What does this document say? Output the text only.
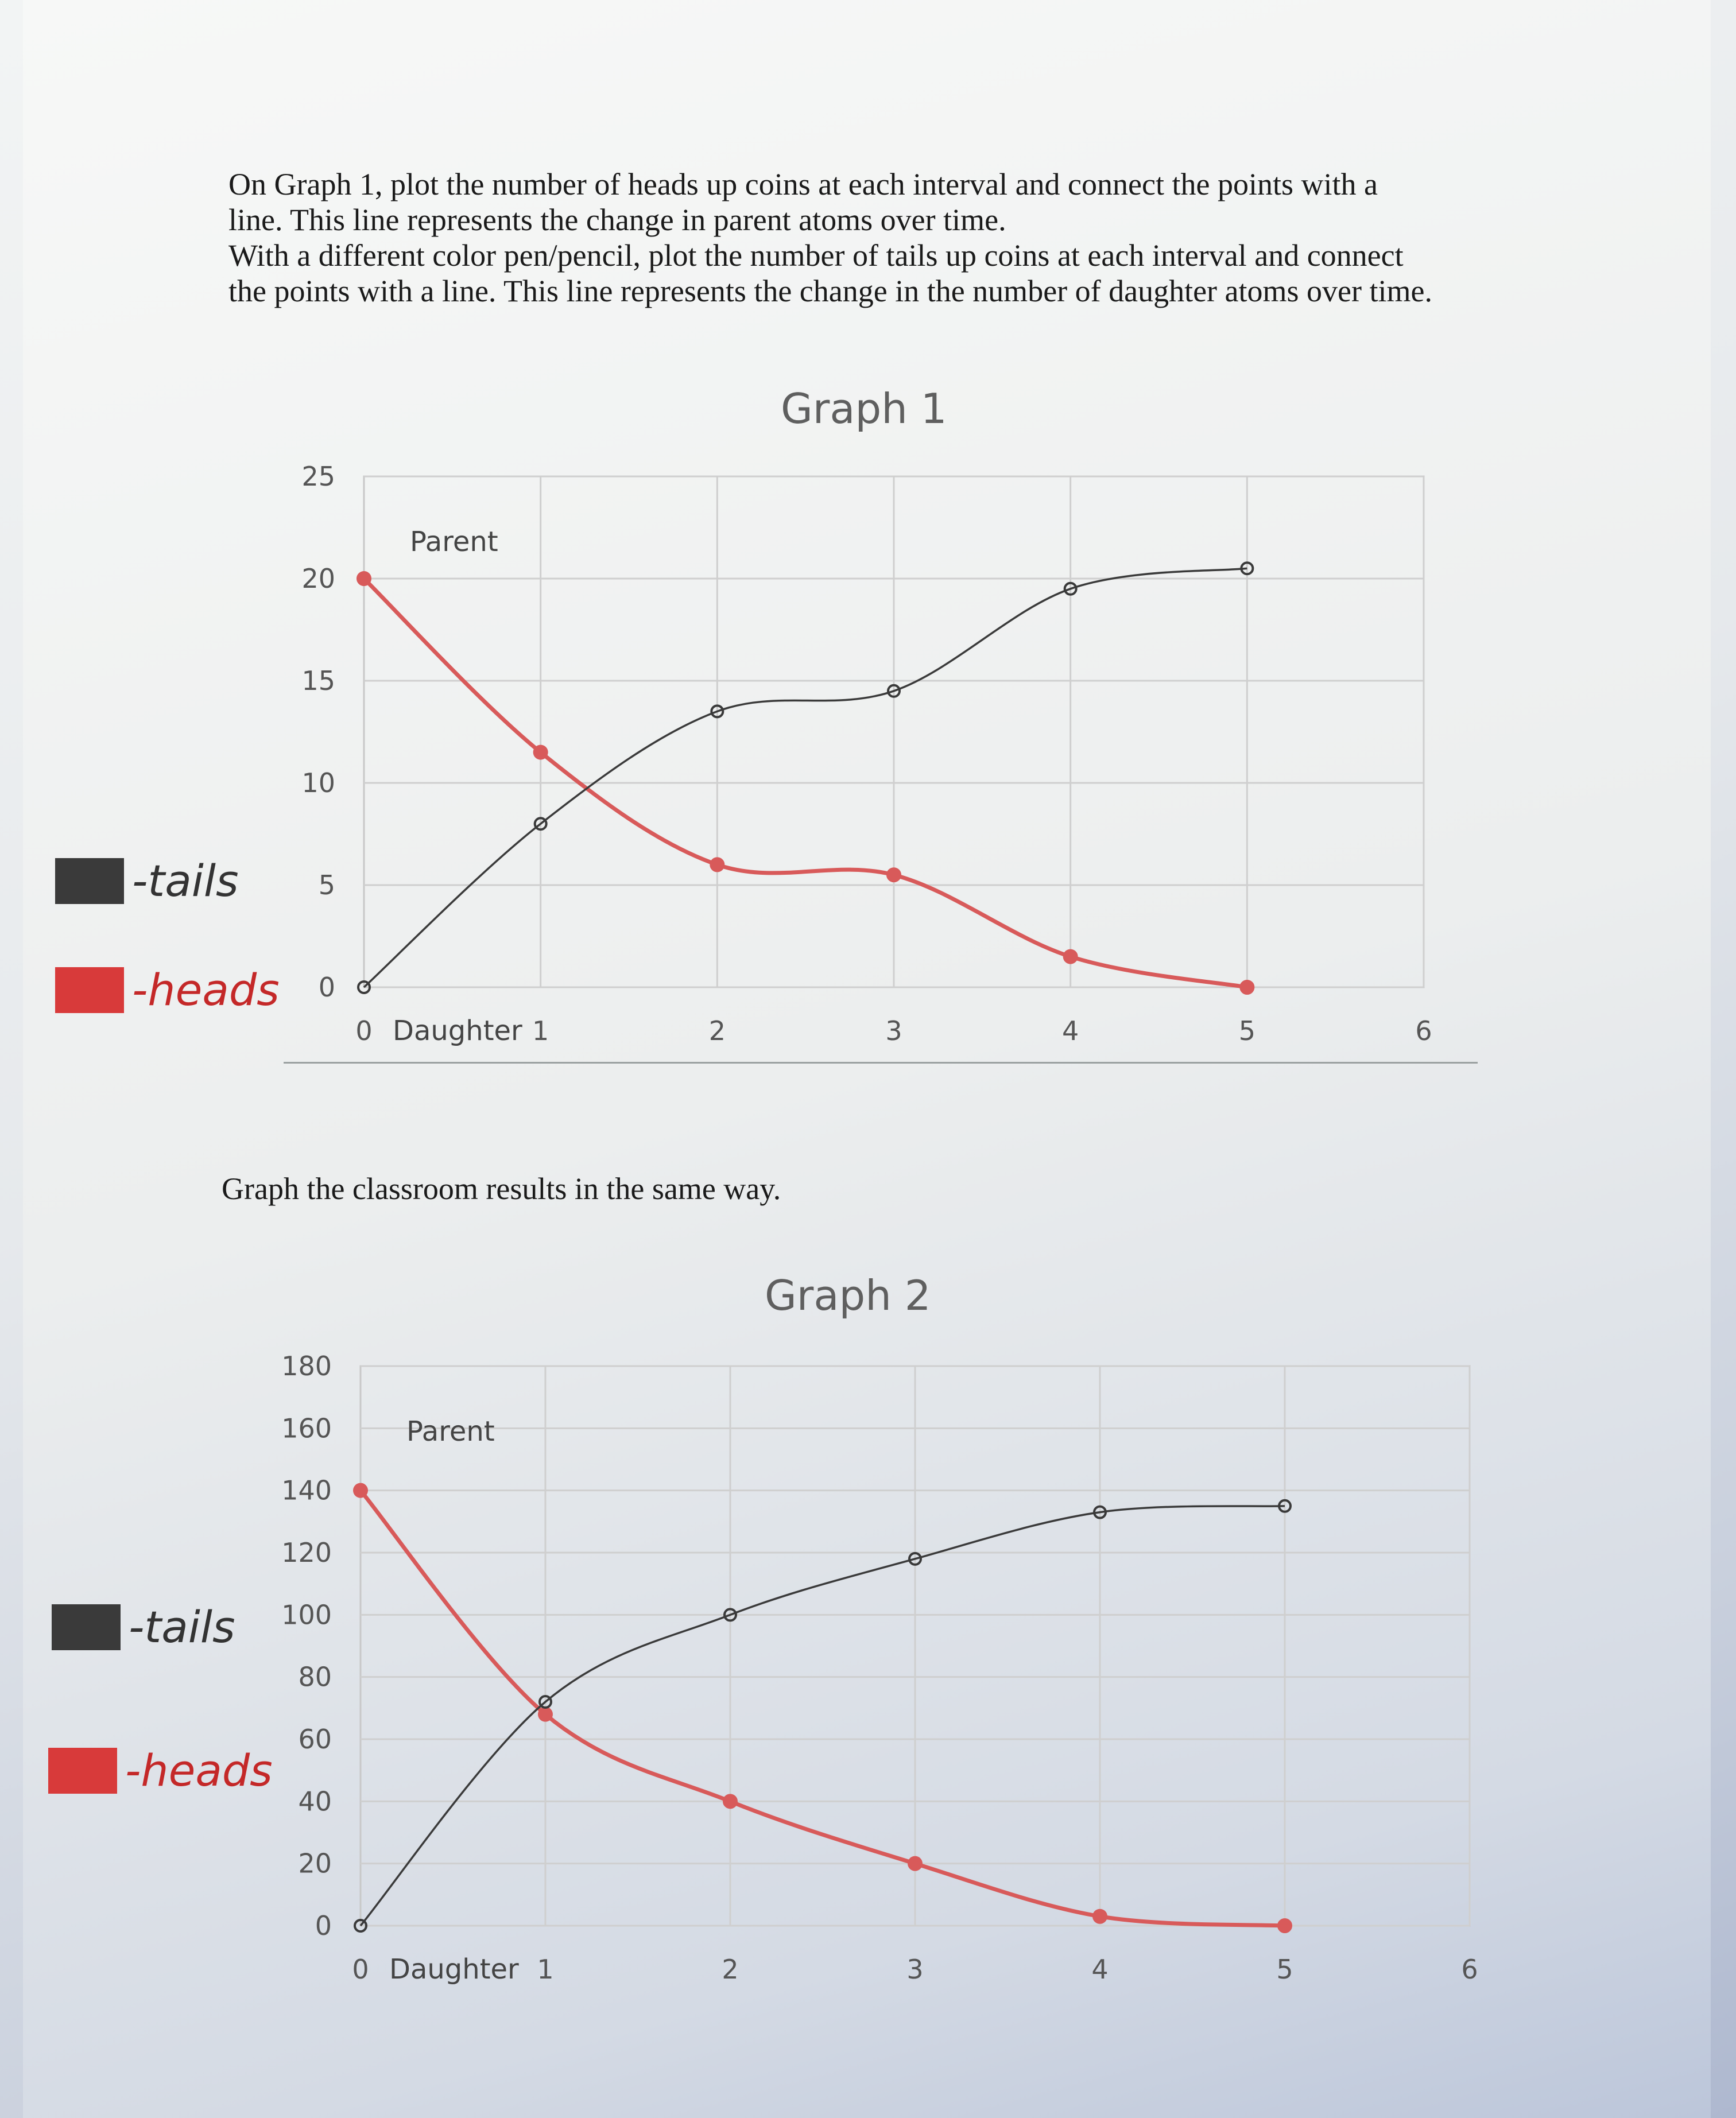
On Graph 1, plot the number of heads up coins at each interval and connect the points with a

line. This line represents the change in parent atoms over time.

With a different color pen/pencil, plot the number of tails up coins at each interval and connect

the points with a line. This line represents the change in the number of daughter atoms over time.

Graph 1
Graph 2
0
5
10
15
20
25
0	1	2	3	4	5	6
Parent
Daughter
0
20
40
60
80
100
120
140
160
180
0	1	2	3	4	5	6
Parent
Daughter
Graph the classroom results in the same way.
-tails
-heads
-tails
-heads
